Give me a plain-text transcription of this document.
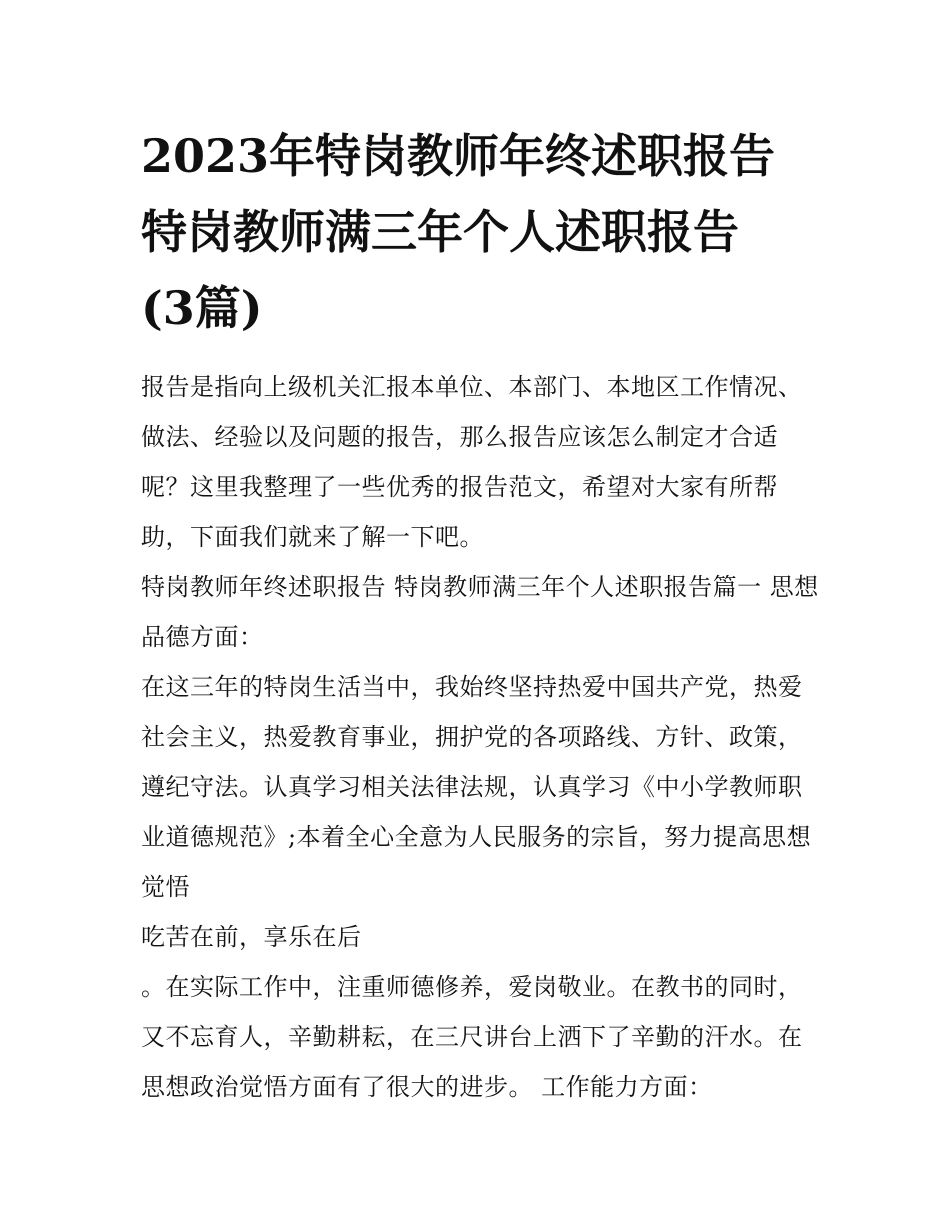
2023年特岗教师年终述职报告
特岗教师满三年个人述职报告
(3篇)

报告是指向上级机关汇报本单位、本部门、本地区工作情况、做法、经验以及问题的报告，那么报告应该怎么制定才合适呢？这里我整理了一些优秀的报告范文，希望对大家有所帮助，下面我们就来了解一下吧。

特岗教师年终述职报告 特岗教师满三年个人述职报告篇一 思想品德方面：

在这三年的特岗生活当中，我始终坚持热爱中国共产党，热爱社会主义，热爱教育事业，拥护党的各项路线、方针、政策，遵纪守法。认真学习相关法律法规，认真学习《中小学教师职业道德规范》;本着全心全意为人民服务的宗旨，努力提高思想觉悟

吃苦在前，享乐在后

。在实际工作中，注重师德修养，爱岗敬业。在教书的同时，又不忘育人，辛勤耕耘，在三尺讲台上洒下了辛勤的汗水。在思想政治觉悟方面有了很大的进步。 工作能力方面：
